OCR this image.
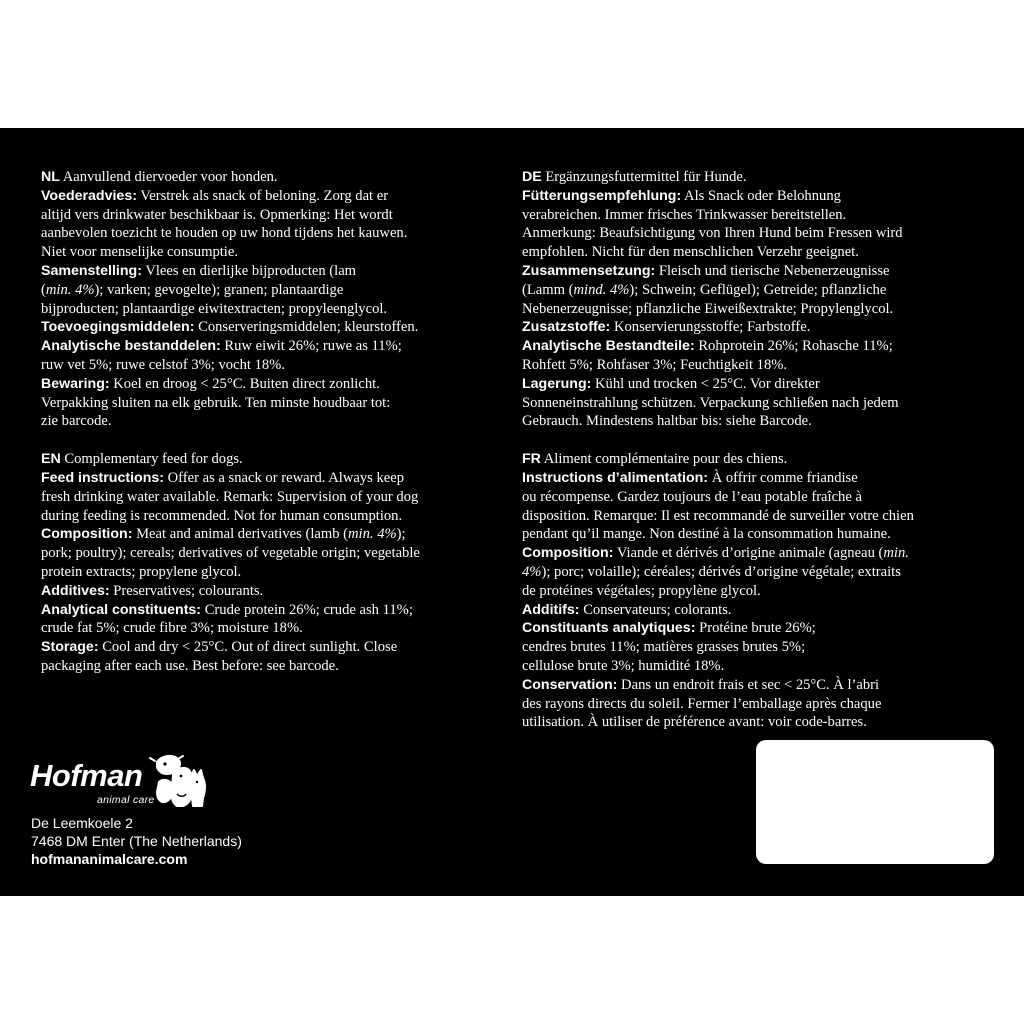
NL Aanvullend diervoeder voor honden.
Voederadvies: Verstrek als snack of beloning. Zorg dat er
altijd vers drinkwater beschikbaar is. Opmerking: Het wordt
aanbevolen toezicht te houden op uw hond tijdens het kauwen.
Niet voor menselijke consumptie.
Samenstelling: Vlees en dierlijke bijproducten (lam
(min. 4%); varken; gevogelte); granen; plantaardige
bijproducten; plantaardige eiwitextracten; propyleenglycol.
Toevoegingsmiddelen: Conserveringsmiddelen; kleurstoffen.
Analytische bestanddelen: Ruw eiwit 26%; ruwe as 11%;
ruw vet 5%; ruwe celstof 3%; vocht 18%.
Bewaring: Koel en droog < 25°C. Buiten direct zonlicht.
Verpakking sluiten na elk gebruik. Ten minste houdbaar tot:
zie barcode.
EN Complementary feed for dogs.
Feed instructions: Offer as a snack or reward. Always keep
fresh drinking water available. Remark: Supervision of your dog
during feeding is recommended. Not for human consumption.
Composition: Meat and animal derivatives (lamb (min. 4%);
pork; poultry); cereals; derivatives of vegetable origin; vegetable
protein extracts; propylene glycol.
Additives: Preservatives; colourants.
Analytical constituents: Crude protein 26%; crude ash 11%;
crude fat 5%; crude fibre 3%; moisture 18%.
Storage: Cool and dry < 25°C. Out of direct sunlight. Close
packaging after each use. Best before: see barcode.
DE Ergänzungsfuttermittel für Hunde.
Fütterungsempfehlung: Als Snack oder Belohnung
verabreichen. Immer frisches Trinkwasser bereitstellen.
Anmerkung: Beaufsichtigung von Ihren Hund beim Fressen wird
empfohlen. Nicht für den menschlichen Verzehr geeignet.
Zusammensetzung: Fleisch und tierische Nebenerzeugnisse
(Lamm (mind. 4%); Schwein; Geflügel); Getreide; pflanzliche
Nebenerzeugnisse; pflanzliche Eiweißextrakte; Propylenglycol.
Zusatzstoffe: Konservierungsstoffe; Farbstoffe.
Analytische Bestandteile: Rohprotein 26%; Rohasche 11%;
Rohfett 5%; Rohfaser 3%; Feuchtigkeit 18%.
Lagerung: Kühl und trocken < 25°C. Vor direkter
Sonneneinstrahlung schützen. Verpackung schließen nach jedem
Gebrauch. Mindestens haltbar bis: siehe Barcode.
FR Aliment complémentaire pour des chiens.
Instructions d’alimentation: À offrir comme friandise
ou récompense. Gardez toujours de l’eau potable fraîche à
disposition. Remarque: Il est recommandé de surveiller votre chien
pendant qu’il mange. Non destiné à la consommation humaine.
Composition: Viande et dérivés d’origine animale (agneau (min.
4%); porc; volaille); céréales; dérivés d’origine végétale; extraits
de protéines végétales; propylène glycol.
Additifs: Conservateurs; colorants.
Constituants analytiques: Protéine brute 26%;
cendres brutes 11%; matières grasses brutes 5%;
cellulose brute 3%; humidité 18%.
Conservation: Dans un endroit frais et sec < 25°C. À l’abri
des rayons directs du soleil. Fermer l’emballage après chaque
utilisation. À utiliser de préférence avant: voir code-barres.
Hofman
animal care
De Leemkoele 2
7468 DM Enter (The Netherlands)
hofmananimalcare.com
